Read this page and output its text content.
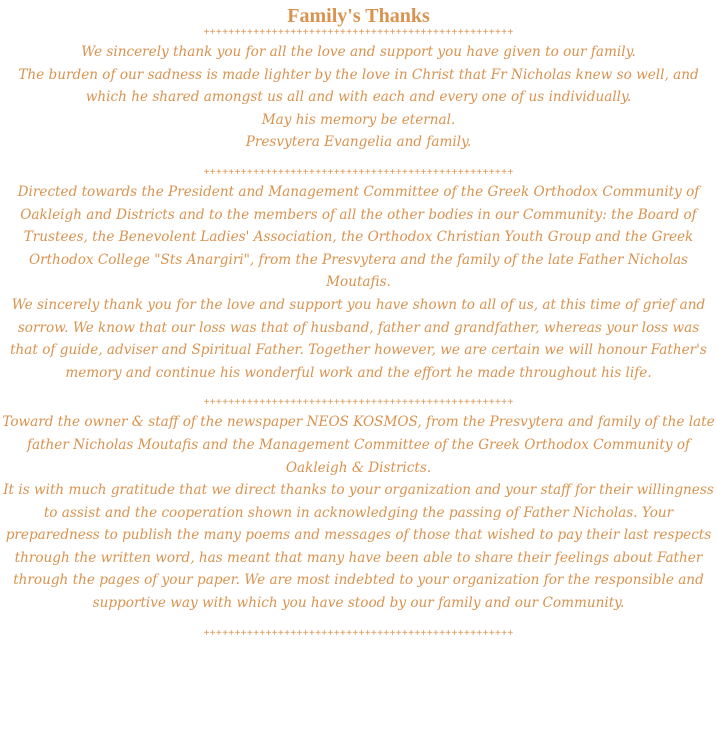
Family's Thanks
++++++++++++++++++++++++++++++++++++++++++++++++++

We sincerely thank you for all the love and support you have given to our family.

The burden of our sadness is made lighter by the love in Christ that Fr Nicholas knew so well, and which he shared amongst us all and with each and every one of us individually.

May his memory be eternal.

Presvytera Evangelia and family.

++++++++++++++++++++++++++++++++++++++++++++++++++

Directed towards the President and Management Committee of the Greek Orthodox Community of Oakleigh and Districts and to the members of all the other bodies in our Community: the Board of Trustees, the Benevolent Ladies' Association, the Orthodox Christian Youth Group and the Greek Orthodox College "Sts Anargiri", from the Presvytera and the family of the late Father Nicholas Moutafis.

We sincerely thank you for the love and support you have shown to all of us, at this time of grief and sorrow. We know that our loss was that of husband, father and grandfather, whereas your loss was that of guide, adviser and Spiritual Father. Together however, we are certain we will honour Father's memory and continue his wonderful work and the effort he made throughout his life.

++++++++++++++++++++++++++++++++++++++++++++++++++

Toward the owner & staff of the newspaper NEOS KOSMOS, from the Presvytera and family of the late father Nicholas Moutafis and the Management Committee of the Greek Orthodox Community of Oakleigh & Districts.

It is with much gratitude that we direct thanks to your organization and your staff for their willingness to assist and the cooperation shown in acknowledging the passing of Father Nicholas. Your preparedness to publish the many poems and messages of those that wished to pay their last respects through the written word, has meant that many have been able to share their feelings about Father through the pages of your paper. We are most indebted to your organization for the responsible and supportive way with which you have stood by our family and our Community.

++++++++++++++++++++++++++++++++++++++++++++++++++
